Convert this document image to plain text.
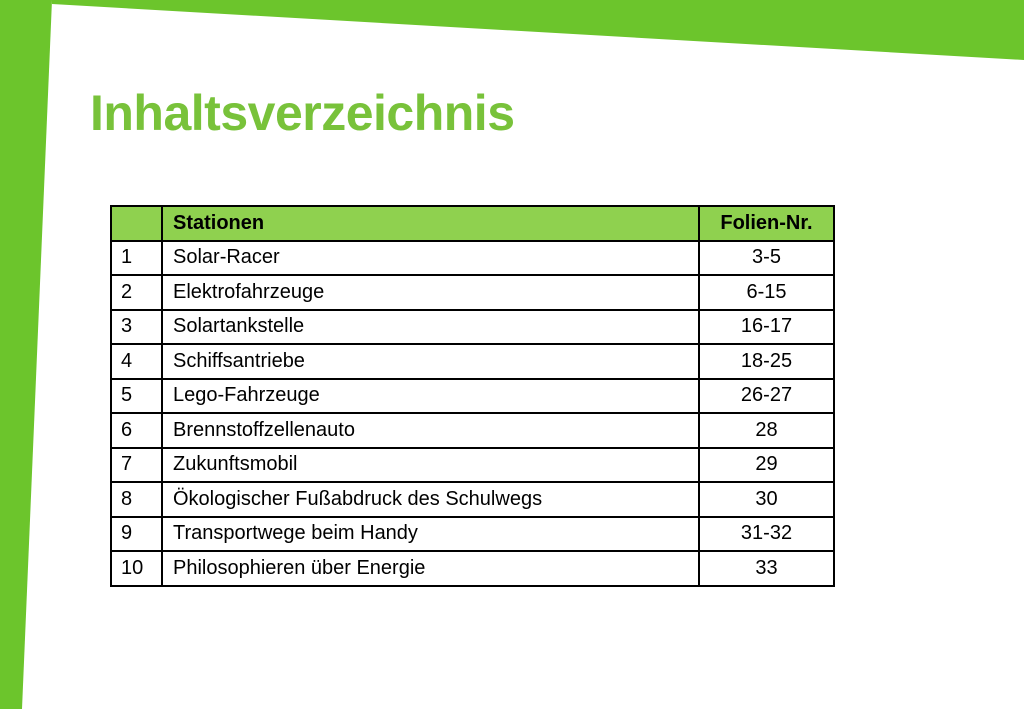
Inhaltsverzeichnis
	Stationen	Folien-Nr.
1	Solar-Racer	3-5
2	Elektrofahrzeuge	6-15
3	Solartankstelle	16-17
4	Schiffsantriebe	18-25
5	Lego-Fahrzeuge	26-27
6	Brennstoffzellenauto	28
7	Zukunftsmobil	29
8	Ökologischer Fußabdruck des Schulwegs	30
9	Transportwege beim Handy	31-32
10	Philosophieren über Energie	33
